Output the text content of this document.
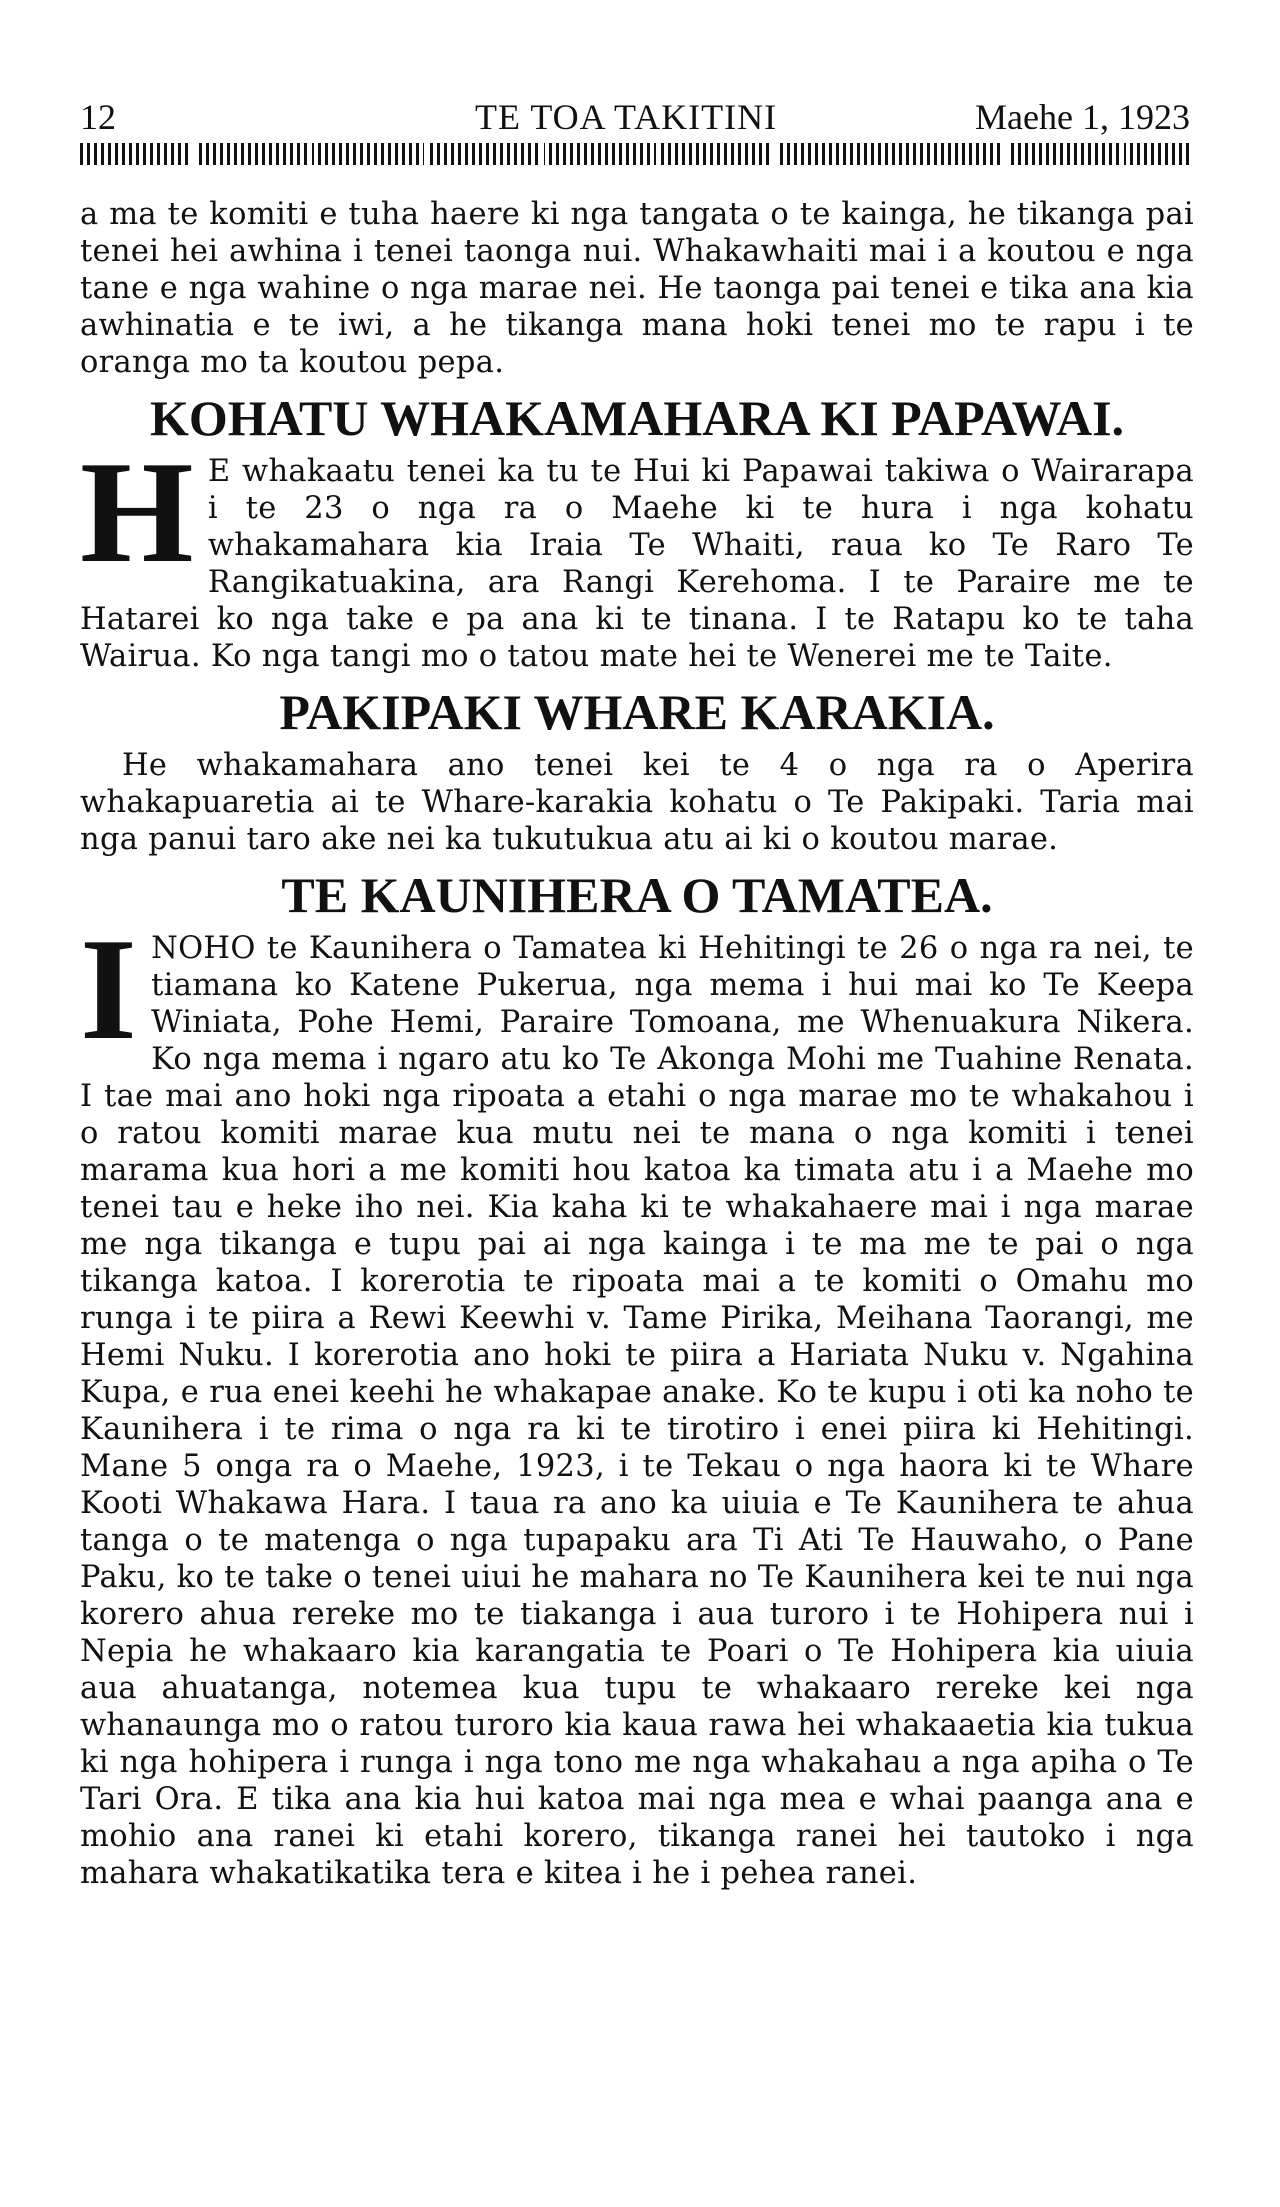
12	TE TOA TAKITINI	Maehe 1, 1923

a ma te komiti e tuha haere ki nga tangata o te kainga, he tikanga pai tenei hei awhina i tenei taonga nui. Whakawhaiti mai i a koutou e nga tane e nga wahine o nga marae nei. He taonga pai tenei e tika ana kia awhinatia e te iwi, a he tikanga mana hoki tenei mo te rapu i te oranga mo ta koutou pepa.

KOHATU WHAKAMAHARA KI PAPAWAI.

H E whakaatu tenei ka tu te Hui ki Papawai takiwa o Wairarapa i te 23 o nga ra o Maehe ki te hura i nga kohatu whakamahara kia Iraia Te Whaiti, raua ko Te Raro Te Rangikatuakina, ara Rangi Kerehoma. I te Paraire me te Hatarei ko nga take e pa ana ki te tinana. I te Ratapu ko te taha Wairua. Ko nga tangi mo o tatou mate hei te Wenerei me te Taite.

PAKIPAKI WHARE KARAKIA.

He whakamahara ano tenei kei te 4 o nga ra o Aperira whakapuaretia ai te Whare-karakia kohatu o Te Pakipaki. Taria mai nga panui taro ake nei ka tukutukua atu ai ki o koutou marae.

TE KAUNIHERA O TAMATEA.

INOHO te Kaunihera o Tamatea ki Hehitingi te 26 o nga ra nei, te tiamana ko Katene Pukerua, nga mema i hui mai ko Te Keepa Winiata, Pohe Hemi, Paraire Tomoana, me Whenuakura Nikera. Ko nga mema i ngaro atu ko Te Akonga Mohi me Tuahine Renata. I tae mai ano hoki nga ripoata a etahi o nga marae mo te whakahou i o ratou komiti marae kua mutu nei te mana o nga komiti i tenei marama kua hori a me komiti hou katoa ka timata atu i a Maehe mo tenei tau e heke iho nei. Kia kaha ki te whakahaere mai i nga marae me nga tikanga e tupu pai ai nga kainga i te ma me te pai o nga tikanga katoa. I korerotia te ripoata mai a te komiti o Omahu mo runga i te piira a Rewi Keewhi v. Tame Pirika, Meihana Taorangi, me Hemi Nuku. I korerotia ano hoki te piira a Hariata Nuku v. Ngahina Kupa, e rua enei keehi he whakapae anake. Ko te kupu i oti ka noho te Kaunihera i te rima o nga ra ki te tirotiro i enei piira ki Hehitingi. Mane 5 onga ra o Maehe, 1923, i te Tekau o nga haora ki te Whare Kooti Whakawa Hara. I taua ra ano ka uiuia e Te Kaunihera te ahua tanga o te matenga o nga tupapaku ara Ti Ati Te Hauwaho, o Pane Paku, ko te take o tenei uiui he mahara no Te Kaunihera kei te nui nga korero ahua rereke mo te tiakanga i aua turoro i te Hohipera nui i Nepia he whakaaro kia karangatia te Poari o Te Hohipera kia uiuia aua ahuatanga, notemea kua tupu te whakaaro rereke kei nga whanaunga mo o ratou turoro kia kaua rawa hei whakaaetia kia tukua ki nga hohipera i runga i nga tono me nga whakahau a nga apiha o Te Tari Ora. E tika ana kia hui katoa mai nga mea e whai paanga ana e mohio ana ranei ki etahi korero, tikanga ranei hei tautoko i nga mahara whakatikatika tera e kitea i he i pehea ranei.
